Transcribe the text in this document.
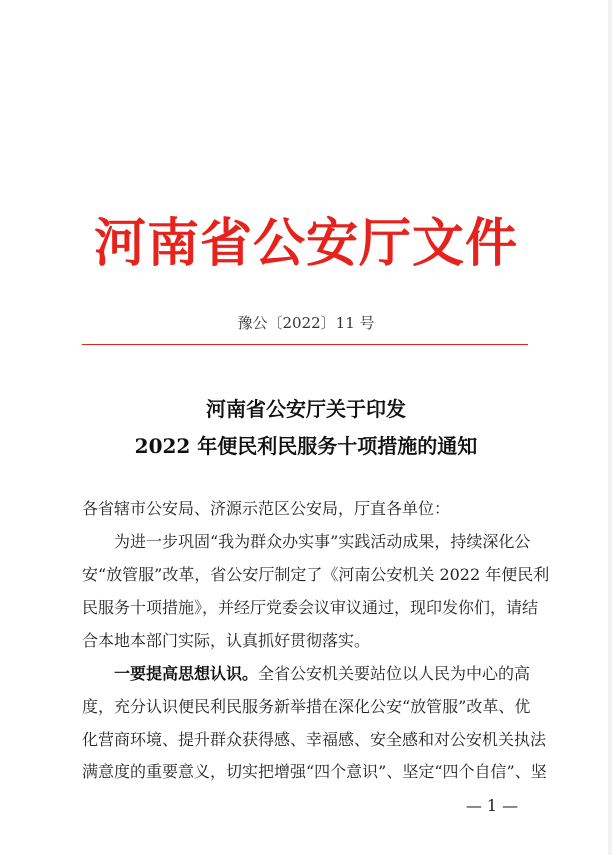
河南省公安厅文件
豫公〔2022〕11 号
河南省公安厅关于印发
2022 年便民利民服务十项措施的通知
各省辖市公安局、济源示范区公安局，厅直各单位：
为进一步巩固“我为群众办实事”实践活动成果，持续深化公
安“放管服”改革，省公安厅制定了《河南公安机关 2022 年便民利
民服务十项措施》，并经厅党委会议审议通过，现印发你们，请结
合本地本部门实际，认真抓好贯彻落实。
一要提高思想认识。全省公安机关要站位以人民为中心的高
度，充分认识便民利民服务新举措在深化公安“放管服”改革、优
化营商环境、提升群众获得感、幸福感、安全感和对公安机关执法
满意度的重要意义，切实把增强“四个意识”、坚定“四个自信”、坚
— 1 —
